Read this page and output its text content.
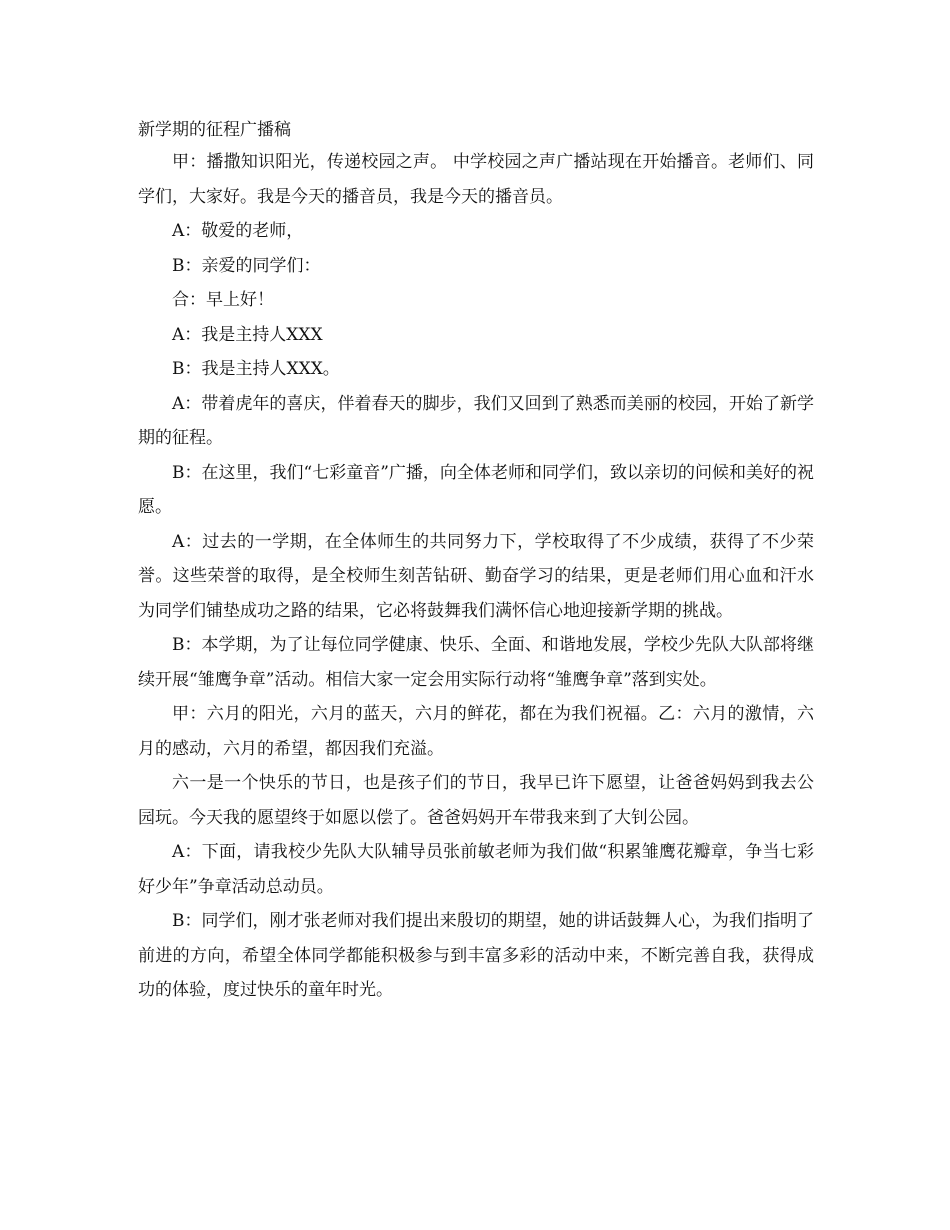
新学期的征程广播稿

甲：播撒知识阳光，传递校园之声。 中学校园之声广播站现在开始播音。老师们、同学们，大家好。我是今天的播音员，我是今天的播音员。

A：敬爱的老师，

B：亲爱的同学们：

合：早上好！

A：我是主持人XXX

B：我是主持人XXX。

A：带着虎年的喜庆，伴着春天的脚步，我们又回到了熟悉而美丽的校园，开始了新学期的征程。

B：在这里，我们“七彩童音”广播，向全体老师和同学们，致以亲切的问候和美好的祝愿。

A：过去的一学期，在全体师生的共同努力下，学校取得了不少成绩，获得了不少荣誉。这些荣誉的取得，是全校师生刻苦钻研、勤奋学习的结果，更是老师们用心血和汗水为同学们铺垫成功之路的结果，它必将鼓舞我们满怀信心地迎接新学期的挑战。

B：本学期，为了让每位同学健康、快乐、全面、和谐地发展，学校少先队大队部将继续开展“雏鹰争章”活动。相信大家一定会用实际行动将“雏鹰争章”落到实处。

甲：六月的阳光，六月的蓝天，六月的鲜花，都在为我们祝福。乙：六月的激情，六月的感动，六月的希望，都因我们充溢。

六一是一个快乐的节日，也是孩子们的节日，我早已许下愿望，让爸爸妈妈到我去公园玩。今天我的愿望终于如愿以偿了。爸爸妈妈开车带我来到了大钊公园。

A：下面，请我校少先队大队辅导员张前敏老师为我们做“积累雏鹰花瓣章，争当七彩好少年”争章活动总动员。

B：同学们，刚才张老师对我们提出来殷切的期望，她的讲话鼓舞人心，为我们指明了前进的方向，希望全体同学都能积极参与到丰富多彩的活动中来，不断完善自我，获得成功的体验，度过快乐的童年时光。
